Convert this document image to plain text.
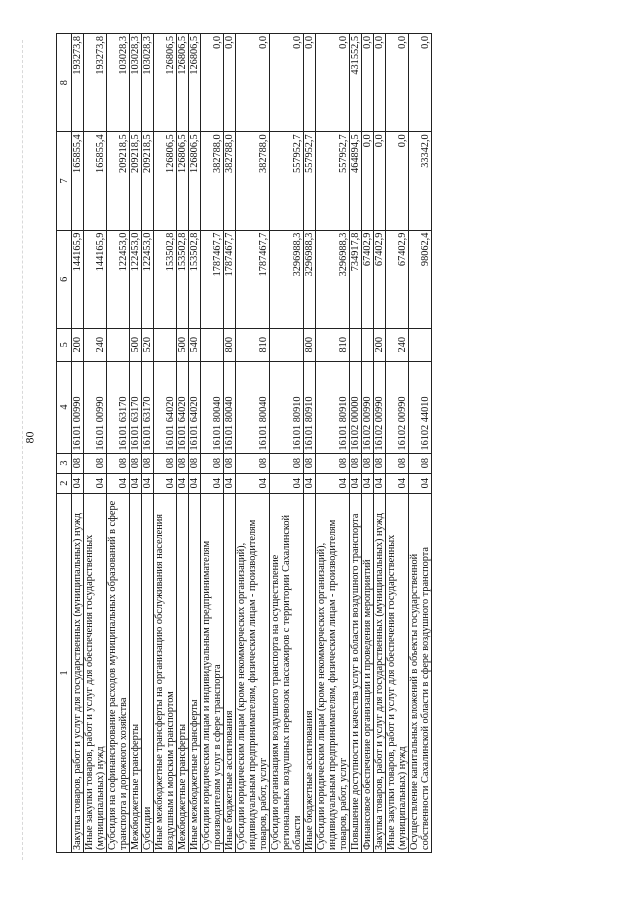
80
1	2	3	4	5	6	7	8
Закупка товаров, работ и услуг для государственных (муниципальных) нужд	04	08	16101 00990	200	144165,9	165855,4	193273,8
Иные закупки товаров, работ и услуг для обеспечения государственных (муниципальных) нужд	04	08	16101 00990	240	144165,9	165855,4	193273,8
Субсидия на софинансирование расходов муниципальных образований в сфере транспорта и дорожного хозяйства	04	08	16101 63170		122453,0	209218,5	103028,3
Межбюджетные трансферты	04	08	16101 63170	500	122453,0	209218,5	103028,3
Субсидии	04	08	16101 63170	520	122453,0	209218,5	103028,3
Иные межбюджетные трансферты на организацию обслуживания населения воздушным и морским транспортом	04	08	16101 64020		153502,8	126806,5	126806,5
Межбюджетные трансферты	04	08	16101 64020	500	153502,8	126806,5	126806,5
Иные межбюджетные трансферты	04	08	16101 64020	540	153502,8	126806,5	126806,5
Субсидии юридическим лицам и индивидуальным предпринимателям производителям услуг в сфере транспорта	04	08	16101 80040		1787467,7	382788,0	0,0
Иные бюджетные ассигнования	04	08	16101 80040	800	1787467,7	382788,0	0,0
Субсидии юридическим лицам (кроме некоммерческих организаций), индивидуальным предпринимателям, физическим лицам - производителям товаров, работ, услуг	04	08	16101 80040	810	1787467,7	382788,0	0,0
Субсидии организациям воздушного транспорта на осуществление региональных воздушных перевозок пассажиров с территории Сахалинской области	04	08	16101 80910		3296988,3	557952,7	0,0
Иные бюджетные ассигнования	04	08	16101 80910	800	3296988,3	557952,7	0,0
Субсидии юридическим лицам (кроме некоммерческих организаций), индивидуальным предпринимателям, физическим лицам - производителям товаров, работ, услуг	04	08	16101 80910	810	3296988,3	557952,7	0,0
Повышение доступности и качества услуг в области воздушного транспорта	04	08	16102 00000		734917,8	464894,5	431552,5
Финансовое обеспечение организации и проведения мероприятий	04	08	16102 00990		67402,9	0,0	0,0
Закупка товаров, работ и услуг для государственных (муниципальных) нужд	04	08	16102 00990	200	67402,9	0,0	0,0
Иные закупки товаров, работ и услуг для обеспечения государственных (муниципальных) нужд	04	08	16102 00990	240	67402,9	0,0	0,0
Осуществление капитальных вложений в объекты государственной собственности Сахалинской области в сфере воздушного транспорта	04	08	16102 44010		98062,4	33342,0	0,0
